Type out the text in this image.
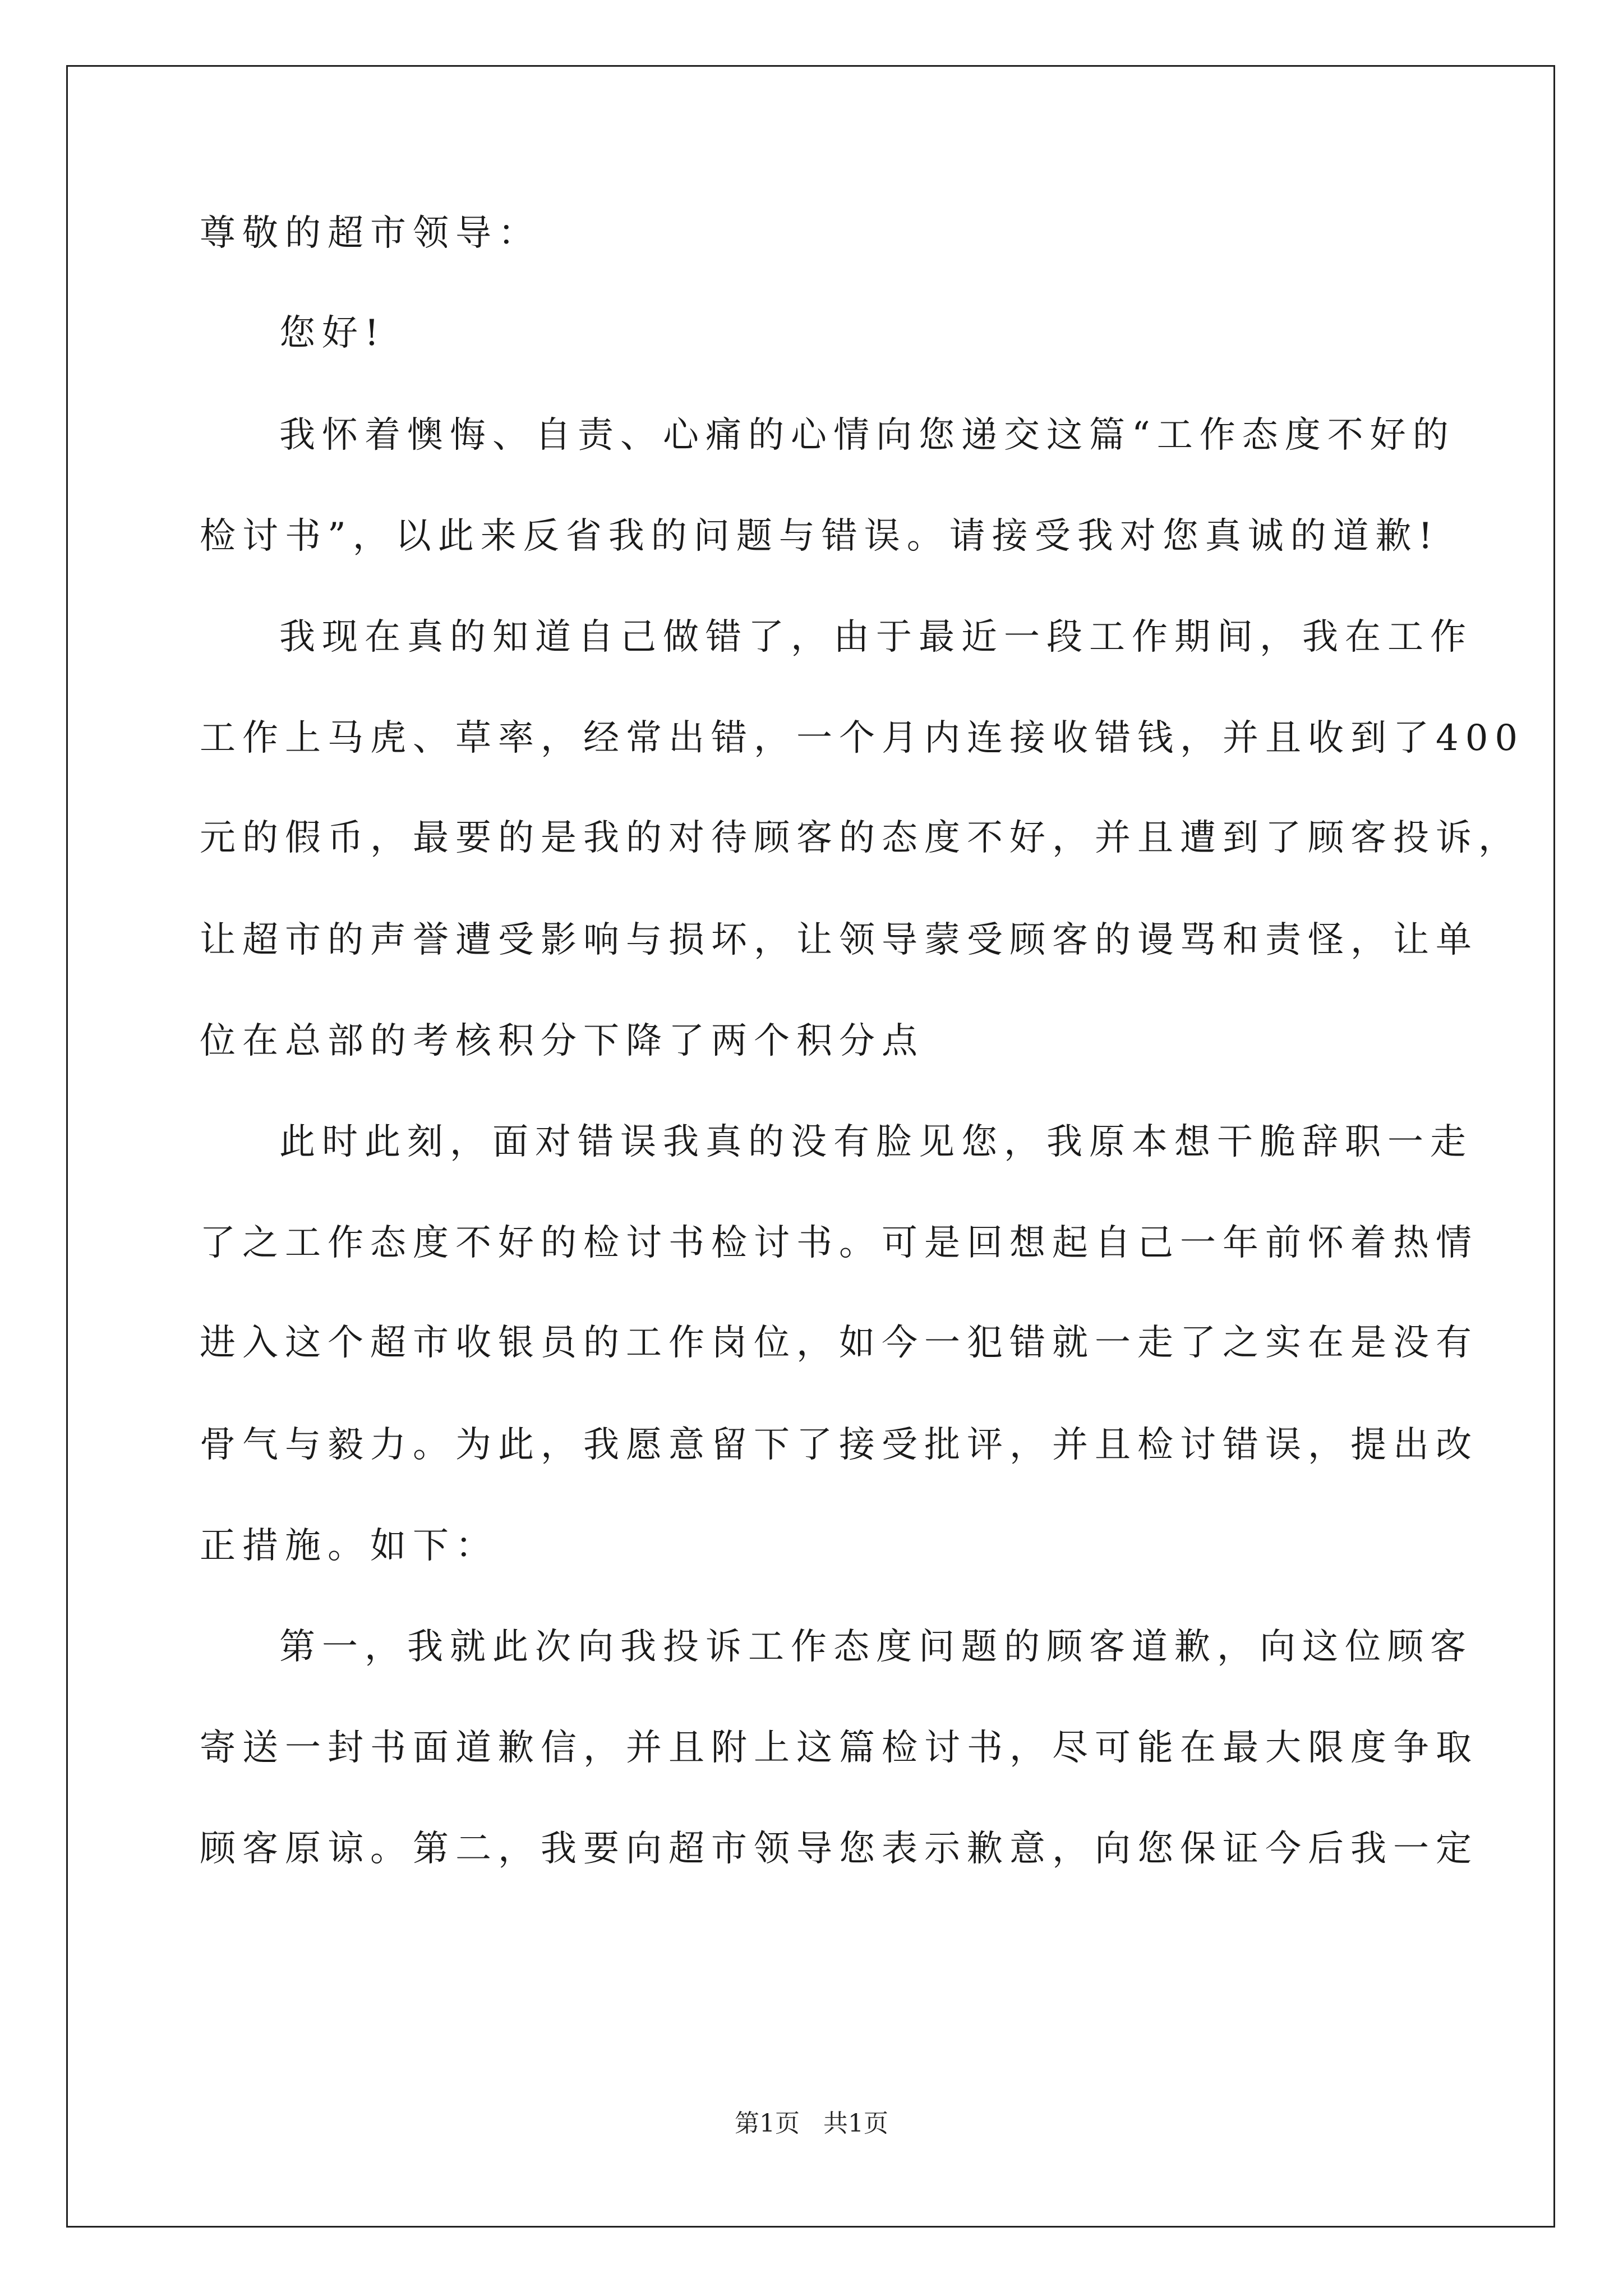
尊敬的超市领导：

您好!

我怀着懊悔、自责、心痛的心情向您递交这篇“工作态度不好的

检讨书”，以此来反省我的问题与错误。请接受我对您真诚的道歉!

我现在真的知道自己做错了，由于最近一段工作期间，我在工作

工作上马虎、草率，经常出错，一个月内连接收错钱，并且收到了400

元的假币，最要的是我的对待顾客的态度不好，并且遭到了顾客投诉，

让超市的声誉遭受影响与损坏，让领导蒙受顾客的谩骂和责怪，让单

位在总部的考核积分下降了两个积分点

此时此刻，面对错误我真的没有脸见您，我原本想干脆辞职一走

了之工作态度不好的检讨书检讨书。可是回想起自己一年前怀着热情

进入这个超市收银员的工作岗位，如今一犯错就一走了之实在是没有

骨气与毅力。为此，我愿意留下了接受批评，并且检讨错误，提出改

正措施。如下：

第一，我就此次向我投诉工作态度问题的顾客道歉，向这位顾客

寄送一封书面道歉信，并且附上这篇检讨书，尽可能在最大限度争取

顾客原谅。第二，我要向超市领导您表示歉意，向您保证今后我一定

第1页   共1页
